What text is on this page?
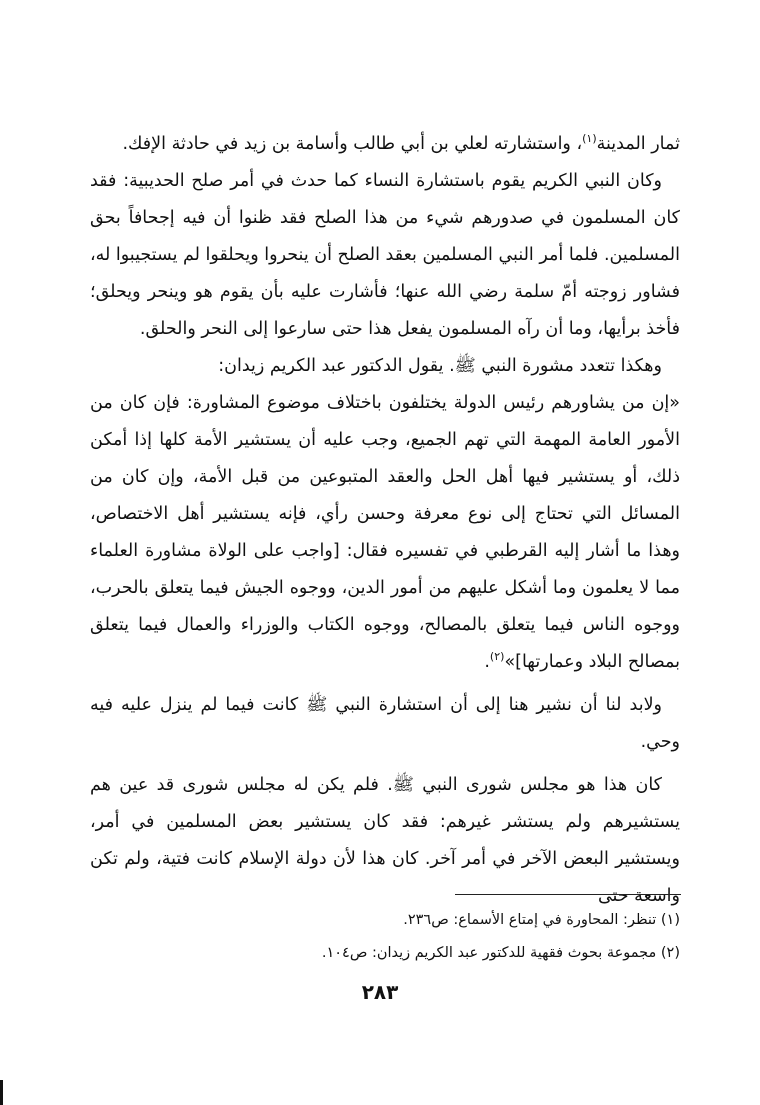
ثمار المدينة$^{(١)}$، واستشارته لعلي بن أبي طالب وأسامة بن زيد في حادثة الإفك.

وكان النبي الكريم يقوم باستشارة النساء كما حدث في أمر صلح الحديبية: فقد كان المسلمون في صدورهم شيء من هذا الصلح فقد ظنوا أن فيه إجحافاً بحق المسلمين. فلما أمر النبي المسلمين بعقد الصلح أن ينحروا ويحلقوا لم يستجيبوا له، فشاور زوجته أمّ سلمة رضي الله عنها؛ فأشارت عليه بأن يقوم هو وينحر ويحلق؛ فأخذ برأيها، وما أن رآه المسلمون يفعل هذا حتى سارعوا إلى النحر والحلق.

وهكذا تتعدد مشورة النبي ﷺ. يقول الدكتور عبد الكريم زيدان:

«إن من يشاورهم رئيس الدولة يختلفون باختلاف موضوع المشاورة: فإن كان من الأمور العامة المهمة التي تهم الجميع، وجب عليه أن يستشير الأمة كلها إذا أمكن ذلك، أو يستشير فيها أهل الحل والعقد المتبوعين من قبل الأمة، وإن كان من المسائل التي تحتاج إلى نوع معرفة وحسن رأي، فإنه يستشير أهل الاختصاص، وهذا ما أشار إليه القرطبي في تفسيره فقال: [واجب على الولاة مشاورة العلماء مما لا يعلمون وما أشكل عليهم من أمور الدين، ووجوه الجيش فيما يتعلق بالحرب، ووجوه الناس فيما يتعلق بالمصالح، ووجوه الكتاب والوزراء والعمال فيما يتعلق بمصالح البلاد وعمارتها]»$^{(٢)}$.

ولابد لنا أن نشير هنا إلى أن استشارة النبي ﷺ كانت فيما لم ينزل عليه فيه وحي.

كان هذا هو مجلس شورى النبي ﷺ. فلم يكن له مجلس شورى قد عين هم يستشيرهم ولم يستشر غيرهم: فقد كان يستشير بعض المسلمين في أمر، ويستشير البعض الآخر في أمر آخر. كان هذا لأن دولة الإسلام كانت فتية، ولم تكن واسعة حتى

(١) تنظر: المحاورة في إمتاع الأسماع: ص٢٣٦.
(٢) مجموعة بحوث فقهية للدكتور عبد الكريم زيدان: ص١٠٤.
٢٨٣
